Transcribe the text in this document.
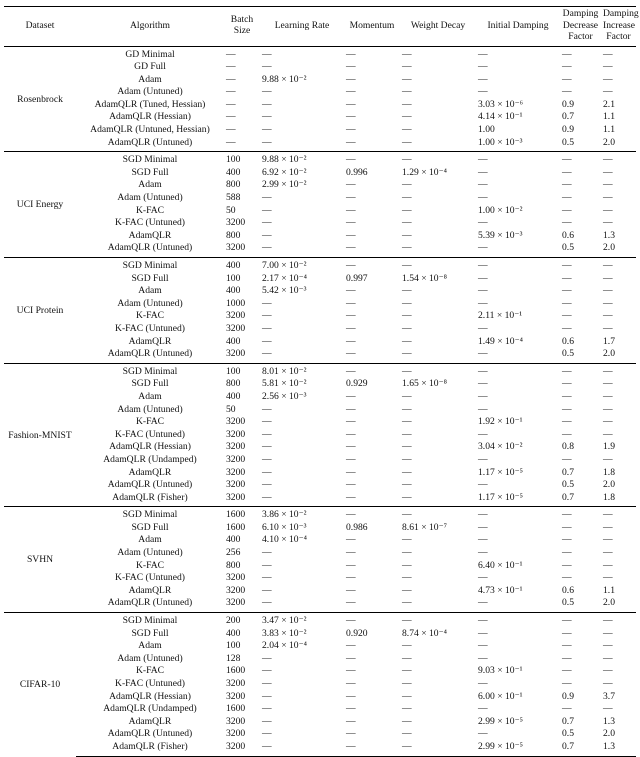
Dataset	Algorithm	Batch Size	Learning Rate	Momentum	Weight Decay	Initial Damping	Damping Decrease Factor	Damping Increase Factor
Rosenbrock	GD Minimal	—	—	—	—	—	—	—
	GD Full	—	—	—	—	—	—	—
	Adam	—	9.88 × 10⁻²	—	—	—	—	—
	Adam (Untuned)	—	—	—	—	—	—	—
	AdamQLR (Tuned, Hessian)	—	—	—	—	3.03 × 10⁻⁶	0.9	2.1
	AdamQLR (Hessian)	—	—	—	—	4.14 × 10⁻¹	0.7	1.1
	AdamQLR (Untuned, Hessian)	—	—	—	—	1.00	0.9	1.1
	AdamQLR (Untuned)	—	—	—	—	1.00 × 10⁻³	0.5	2.0
UCI Energy	SGD Minimal	100	9.88 × 10⁻²	—	—	—	—	—
	SGD Full	400	6.92 × 10⁻²	0.996	1.29 × 10⁻⁴	—	—	—
	Adam	800	2.99 × 10⁻²	—	—	—	—	—
	Adam (Untuned)	588	—	—	—	—	—	—
	K-FAC	50	—	—	—	1.00 × 10⁻²	—	—
	K-FAC (Untuned)	3200	—	—	—	—	—	—
	AdamQLR	800	—	—	—	5.39 × 10⁻³	0.6	1.3
	AdamQLR (Untuned)	3200	—	—	—	—	0.5	2.0
UCI Protein	SGD Minimal	400	7.00 × 10⁻²	—	—	—	—	—
	SGD Full	100	2.17 × 10⁻⁴	0.997	1.54 × 10⁻⁸	—	—	—
	Adam	400	5.42 × 10⁻³	—	—	—	—	—
	Adam (Untuned)	1000	—	—	—	—	—	—
	K-FAC	3200	—	—	—	2.11 × 10⁻¹	—	—
	K-FAC (Untuned)	3200	—	—	—	—	—	—
	AdamQLR	400	—	—	—	1.49 × 10⁻⁴	0.6	1.7
	AdamQLR (Untuned)	3200	—	—	—	—	0.5	2.0
Fashion-MNIST	SGD Minimal	100	8.01 × 10⁻²	—	—	—	—	—
	SGD Full	800	5.81 × 10⁻²	0.929	1.65 × 10⁻⁸	—	—	—
	Adam	400	2.56 × 10⁻³	—	—	—	—	—
	Adam (Untuned)	50	—	—	—	—	—	—
	K-FAC	3200	—	—	—	1.92 × 10⁻¹	—	—
	K-FAC (Untuned)	3200	—	—	—	—	—	—
	AdamQLR (Hessian)	3200	—	—	—	3.04 × 10⁻²	0.8	1.9
	AdamQLR (Undamped)	3200	—	—	—	—	—	—
	AdamQLR	3200	—	—	—	1.17 × 10⁻⁵	0.7	1.8
	AdamQLR (Untuned)	3200	—	—	—	—	0.5	2.0
	AdamQLR (Fisher)	3200	—	—	—	1.17 × 10⁻⁵	0.7	1.8
SVHN	SGD Minimal	1600	3.86 × 10⁻²	—	—	—	—	—
	SGD Full	1600	6.10 × 10⁻³	0.986	8.61 × 10⁻⁷	—	—	—
	Adam	400	4.10 × 10⁻⁴	—	—	—	—	—
	Adam (Untuned)	256	—	—	—	—	—	—
	K-FAC	800	—	—	—	6.40 × 10⁻¹	—	—
	K-FAC (Untuned)	3200	—	—	—	—	—	—
	AdamQLR	3200	—	—	—	4.73 × 10⁻¹	0.6	1.1
	AdamQLR (Untuned)	3200	—	—	—	—	0.5	2.0
CIFAR-10	SGD Minimal	200	3.47 × 10⁻²	—	—	—	—	—
	SGD Full	400	3.83 × 10⁻²	0.920	8.74 × 10⁻⁴	—	—	—
	Adam	100	2.04 × 10⁻⁴	—	—	—	—	—
	Adam (Untuned)	128	—	—	—	—	—	—
	K-FAC	1600	—	—	—	9.03 × 10⁻¹	—	—
	K-FAC (Untuned)	3200	—	—	—	—	—	—
	AdamQLR (Hessian)	3200	—	—	—	6.00 × 10⁻¹	0.9	3.7
	AdamQLR (Undamped)	1600	—	—	—	—	—	—
	AdamQLR	3200	—	—	—	2.99 × 10⁻⁵	0.7	1.3
	AdamQLR (Untuned)	3200	—	—	—	—	0.5	2.0
	AdamQLR (Fisher)	3200	—	—	—	2.99 × 10⁻⁵	0.7	1.3
